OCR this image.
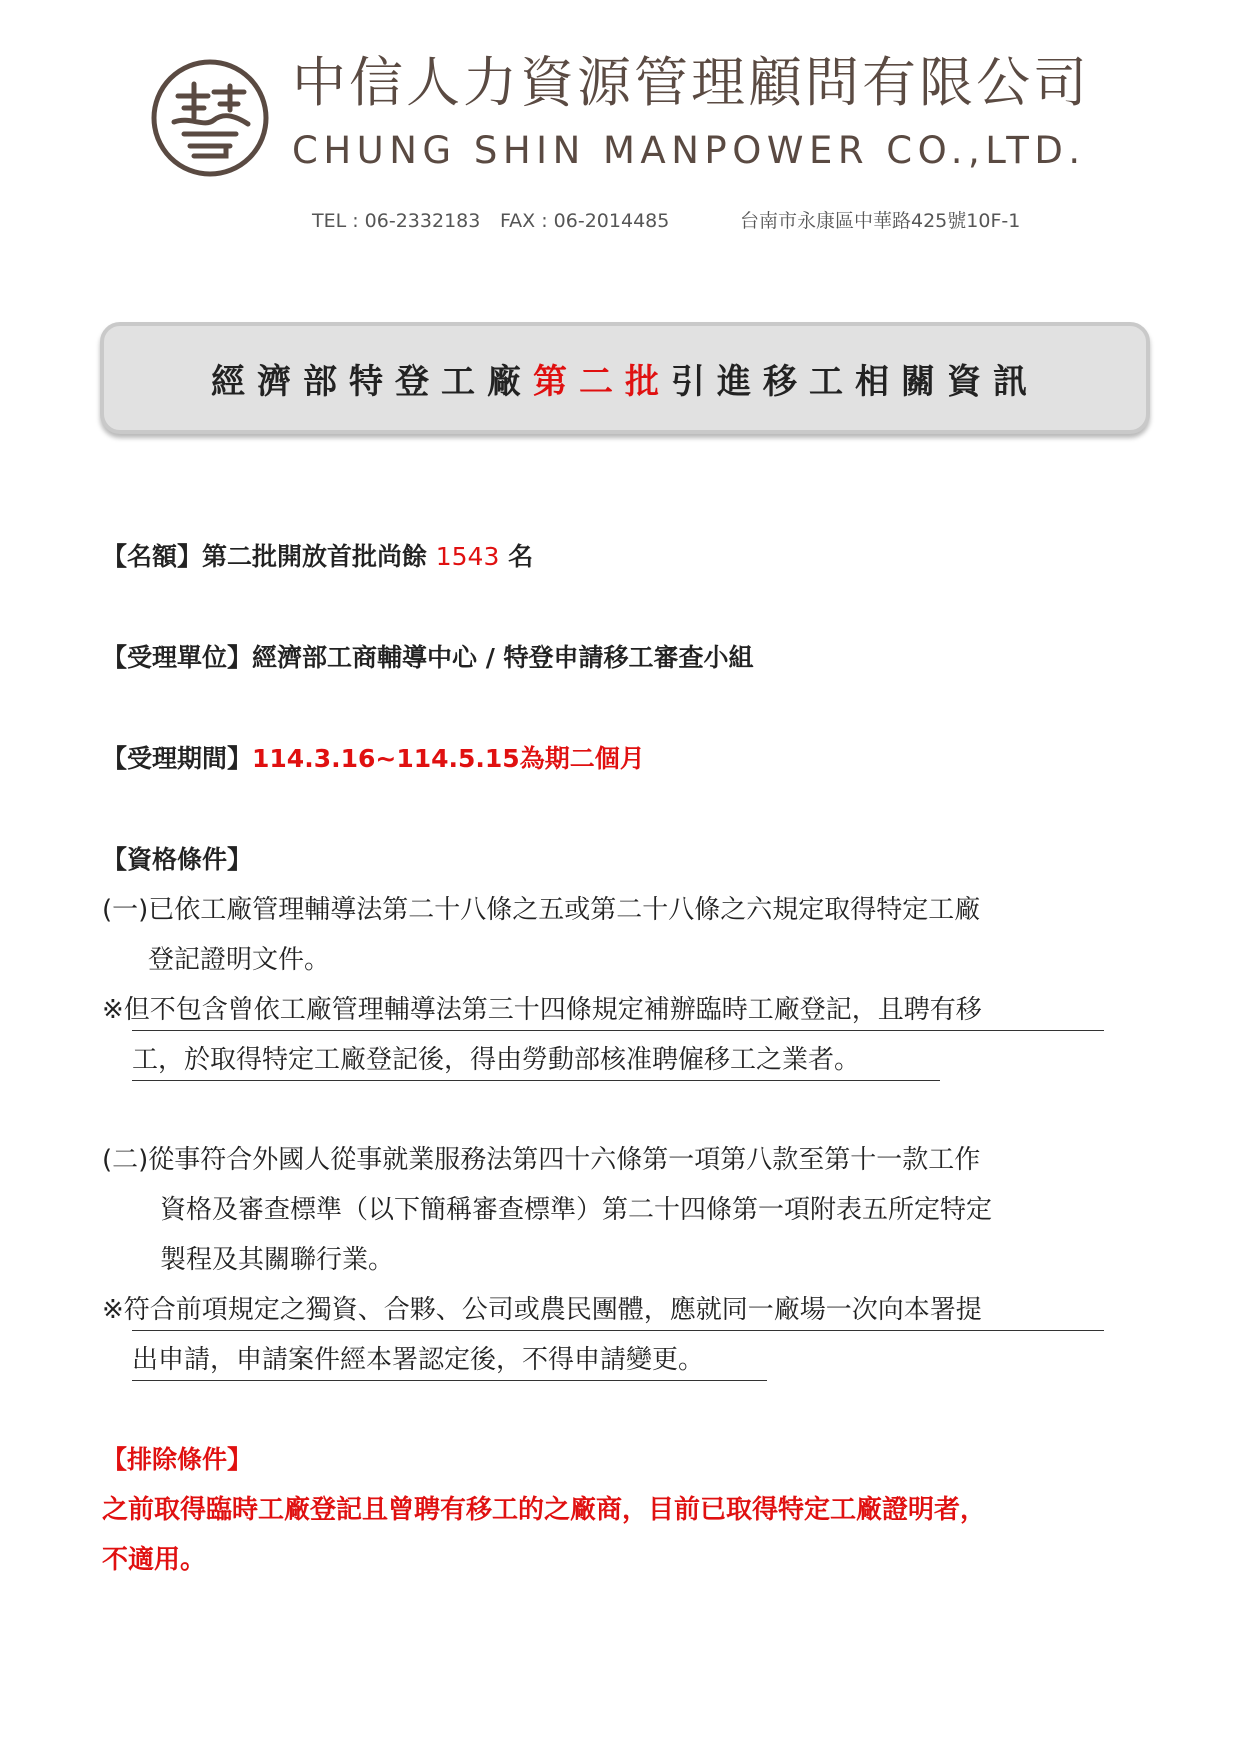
中信人力資源管理顧問有限公司
CHUNG SHIN MANPOWER CO.,LTD.
TEL : 06-2332183 FAX : 06-2014485	台南市永康區中華路425號10F-1
經濟部特登工廠第二批引進移工相關資訊
【名額】第二批開放首批尚餘 1543 名
【受理單位】經濟部工商輔導中心 / 特登申請移工審查小組
【受理期間】114.3.16~114.5.15為期二個月
【資格條件】
(一)已依工廠管理輔導法第二十八條之五或第二十八條之六規定取得特定工廠
登記證明文件。
※但不包含曾依工廠管理輔導法第三十四條規定補辦臨時工廠登記，且聘有移
工，於取得特定工廠登記後，得由勞動部核准聘僱移工之業者。
(二)從事符合外國人從事就業服務法第四十六條第一項第八款至第十一款工作
資格及審查標準（以下簡稱審查標準）第二十四條第一項附表五所定特定
製程及其關聯行業。
※符合前項規定之獨資、合夥、公司或農民團體，應就同一廠場一次向本署提
出申請，申請案件經本署認定後，不得申請變更。
【排除條件】
之前取得臨時工廠登記且曾聘有移工的之廠商，目前已取得特定工廠證明者，
不適用。
